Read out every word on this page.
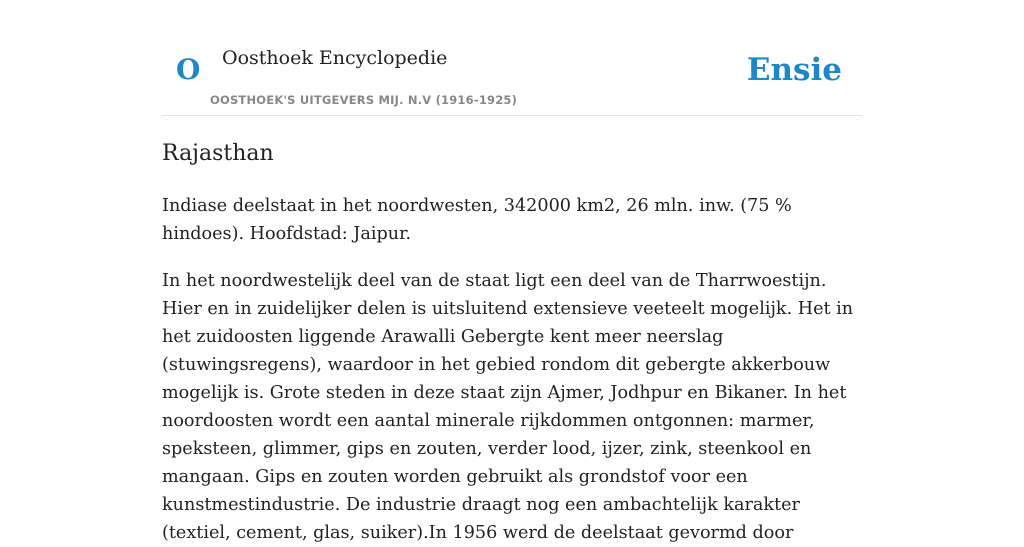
O Oosthoek Encyclopedie
OOSTHOEK'S UITGEVERS MIJ. N.V (1916-1925)
Ensie
Rajasthan

Indiase deelstaat in het noordwesten, 342000 km2, 26 mln. inw. (75 % hindoes). Hoofdstad: Jaipur.

In het noordwestelijk deel van de staat ligt een deel van de Tharrwoestijn. Hier en in zuidelijker delen is uitsluitend extensieve veeteelt mogelijk. Het in het zuidoosten liggende Arawalli Gebergte kent meer neerslag (stuwingsregens), waardoor in het gebied rondom dit gebergte akkerbouw mogelijk is. Grote steden in deze staat zijn Ajmer, Jodhpur en Bikaner. In het noordoosten wordt een aantal minerale rijkdommen ontgonnen: marmer, speksteen, glimmer, gips en zouten, verder lood, ijzer, zink, steenkool en mangaan. Gips en zouten worden gebruikt als grondstof voor een kunstmestindustrie. De industrie draagt nog een ambachtelijk karakter (textiel, cement, glas, suiker).In 1956 werd de deelstaat gevormd door
